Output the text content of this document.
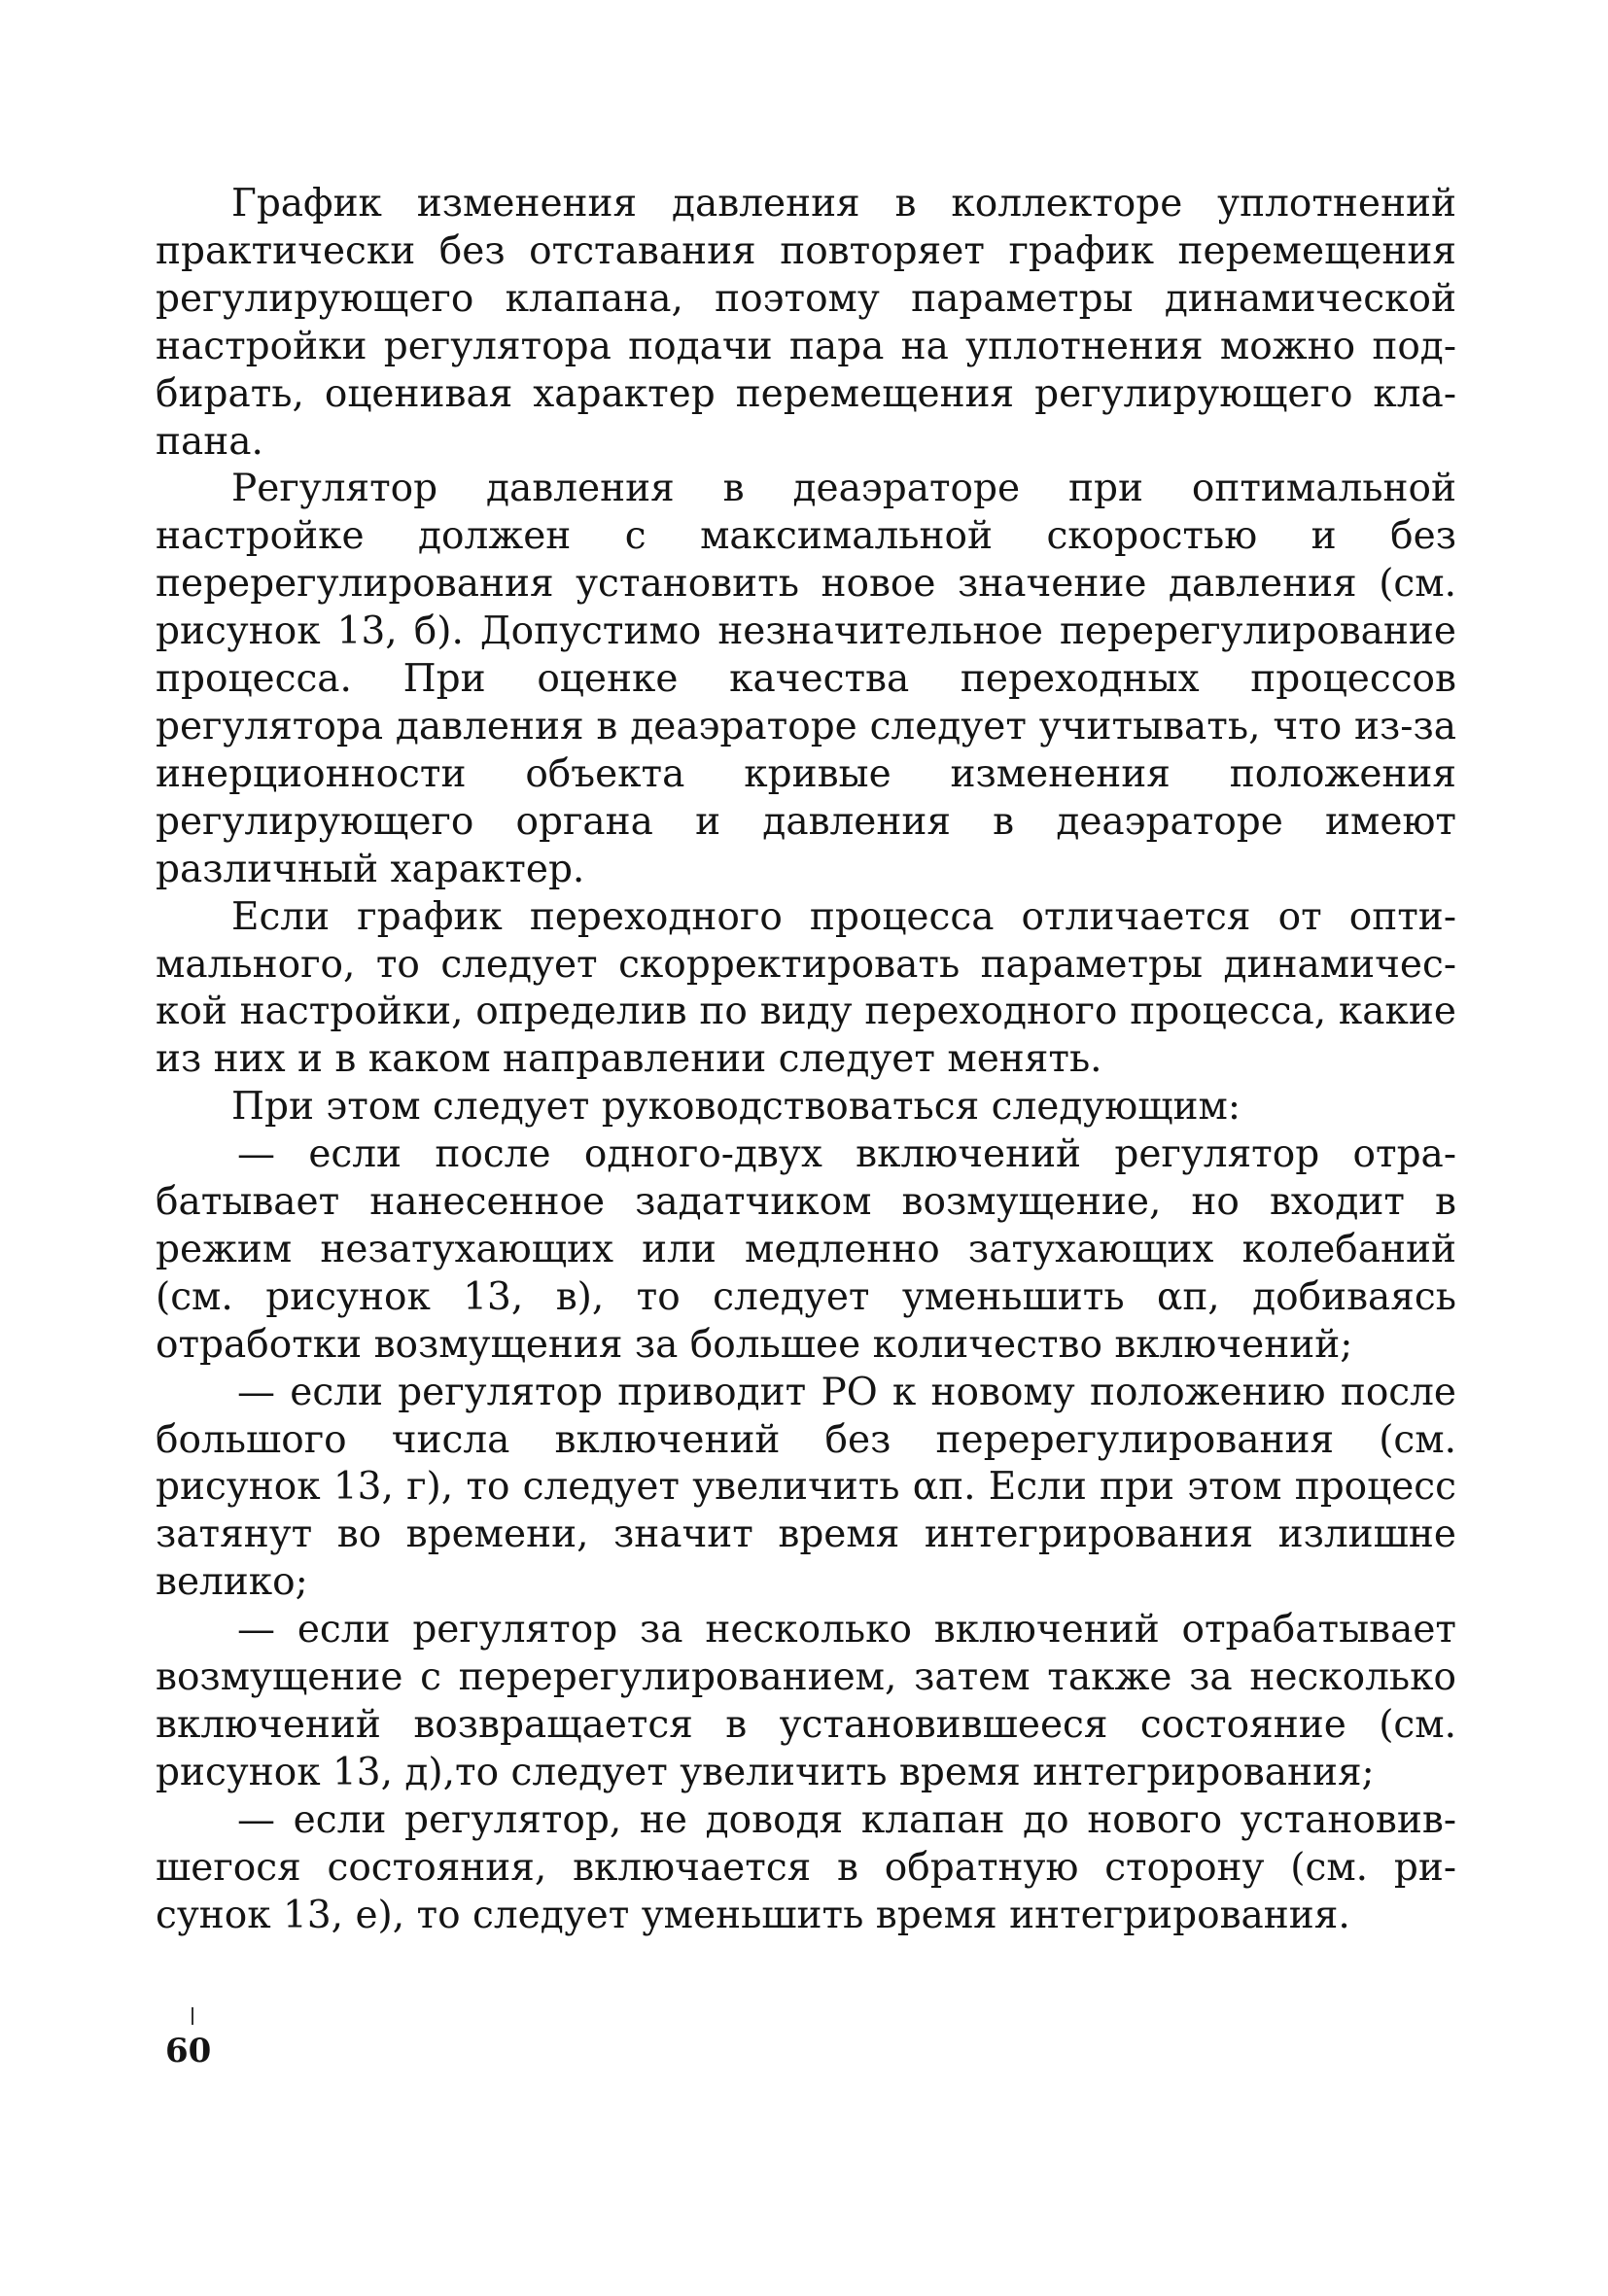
График изменения давления в коллекторе уплотнений практически без отставания повторяет график перемещения регулирующего клапана, поэтому параметры динамической настройки регулятора подачи пара на уплотнения можно подбирать, оценивая характер перемещения регулирующего клапана.

Регулятор давления в деаэраторе при оптимальной настройке должен с максимальной скоростью и без перерегулирования установить новое значение давления (см. рисунок 13, б). Допустимо незначительное перерегулирование процесса. При оценке качества переходных процессов регулятора давления в деаэраторе следует учитывать, что из-за инерционности объекта кривые изменения положения регулирующего органа и давления в деаэраторе имеют различный характер.

Если график переходного процесса отличается от оптимального, то следует скорректировать параметры динамической настройки, определив по виду переходного процесса, какие из них и в каком направлении следует менять.

При этом следует руководствоваться следующим:

— если после одного-двух включений регулятор отрабатывает нанесенное задатчиком возмущение, но входит в режим незатухающих или медленно затухающих колебаний (см. рисунок 13, в), то следует уменьшить αп, добиваясь отработки возмущения за большее количество включений;

— если регулятор приводит РО к новому положению после большого числа включений без перерегулирования (см. рисунок 13, г), то следует увеличить αп. Если при этом процесс затянут во времени, значит время интегрирования излишне велико;

— если регулятор за несколько включений отрабатывает возмущение с перерегулированием, затем также за несколько включений возвращается в установившееся состояние (см. рисунок 13, д),то следует увеличить время интегрирования;

— если регулятор, не доводя клапан до нового установившегося состояния, включается в обратную сторону (см. рисунок 13, е), то следует уменьшить время интегрирования.

60
